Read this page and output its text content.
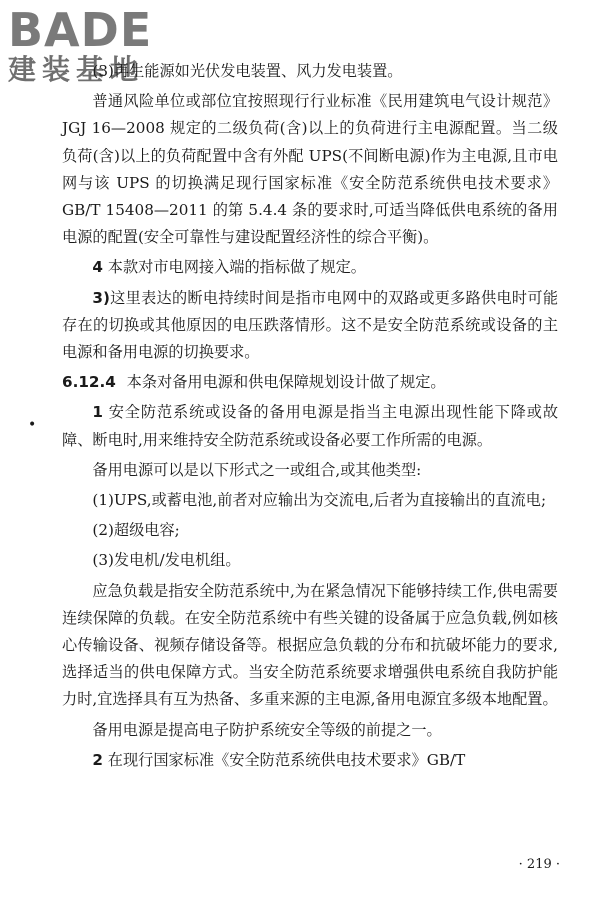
BADE

建装基地

•

(3)再生能源如光伏发电装置、风力发电装置。

普通风险单位或部位宜按照现行行业标准《民用建筑电气设计规范》JGJ 16—2008 规定的二级负荷(含)以上的负荷进行主电源配置。当二级负荷(含)以上的负荷配置中含有外配 UPS(不间断电源)作为主电源,且市电网与该 UPS 的切换满足现行国家标准《安全防范系统供电技术要求》GB/T 15408—2011 的第 5.4.4 条的要求时,可适当降低供电系统的备用电源的配置(安全可靠性与建设配置经济性的综合平衡)。

4 本款对市电网接入端的指标做了规定。

3)这里表达的断电持续时间是指市电网中的双路或更多路供电时可能存在的切换或其他原因的电压跌落情形。这不是安全防范系统或设备的主电源和备用电源的切换要求。

6.12.4 本条对备用电源和供电保障规划设计做了规定。

1 安全防范系统或设备的备用电源是指当主电源出现性能下降或故障、断电时,用来维持安全防范系统或设备必要工作所需的电源。

备用电源可以是以下形式之一或组合,或其他类型:

(1)UPS,或蓄电池,前者对应输出为交流电,后者为直接输出的直流电;

(2)超级电容;

(3)发电机/发电机组。

应急负载是指安全防范系统中,为在紧急情况下能够持续工作,供电需要连续保障的负载。在安全防范系统中有些关键的设备属于应急负载,例如核心传输设备、视频存储设备等。根据应急负载的分布和抗破坏能力的要求,选择适当的供电保障方式。当安全防范系统要求增强供电系统自我防护能力时,宜选择具有互为热备、多重来源的主电源,备用电源宜多级本地配置。

备用电源是提高电子防护系统安全等级的前提之一。

2 在现行国家标准《安全防范系统供电技术要求》GB/T

· 219 ·
